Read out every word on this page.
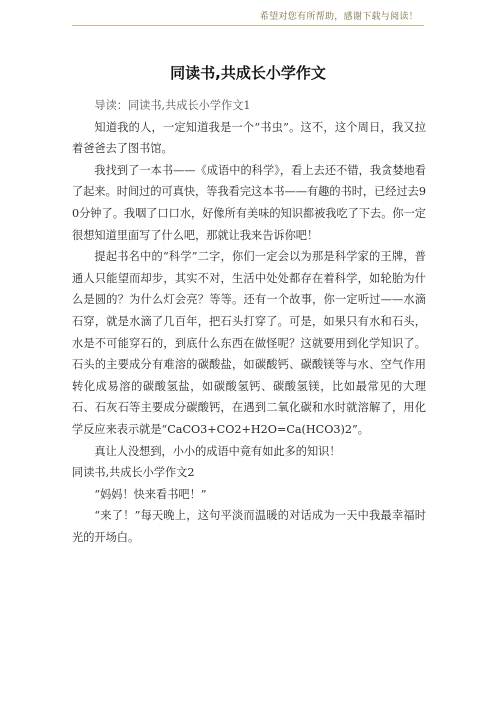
希望对您有所帮助，感谢下载与阅读！
同读书,共成长小学作文

导读：同读书,共成长小学作文1

知道我的人，一定知道我是一个“书虫”。这不，这个周日，我又拉着爸爸去了图书馆。

我找到了一本书——《成语中的科学》，看上去还不错，我贪婪地看了起来。时间过的可真快，等我看完这本书——有趣的书时，已经过去90分钟了。我咽了口口水，好像所有美味的知识都被我吃了下去。你一定很想知道里面写了什么吧，那就让我来告诉你吧！

提起书名中的“科学”二字，你们一定会以为那是科学家的王牌，普通人只能望而却步，其实不对，生活中处处都存在着科学，如轮胎为什么是圆的？为什么灯会亮？等等。还有一个故事，你一定听过——水滴石穿，就是水滴了几百年，把石头打穿了。可是，如果只有水和石头，水是不可能穿石的，到底什么东西在做怪呢？这就要用到化学知识了。石头的主要成分有难溶的碳酸盐，如碳酸钙、碳酸镁等与水、空气作用转化成易溶的碳酸氢盐，如碳酸氢钙、碳酸氢镁，比如最常见的大理石、石灰石等主要成分碳酸钙，在遇到二氧化碳和水时就溶解了，用化学反应来表示就是“CaCO3+CO2+H2O=Ca(HCO3)2”。

真让人没想到，小小的成语中竟有如此多的知识！

同读书,共成长小学作文2

“妈妈！快来看书吧！”

“来了！”每天晚上，这句平淡而温暖的对话成为一天中我最幸福时光的开场白。
